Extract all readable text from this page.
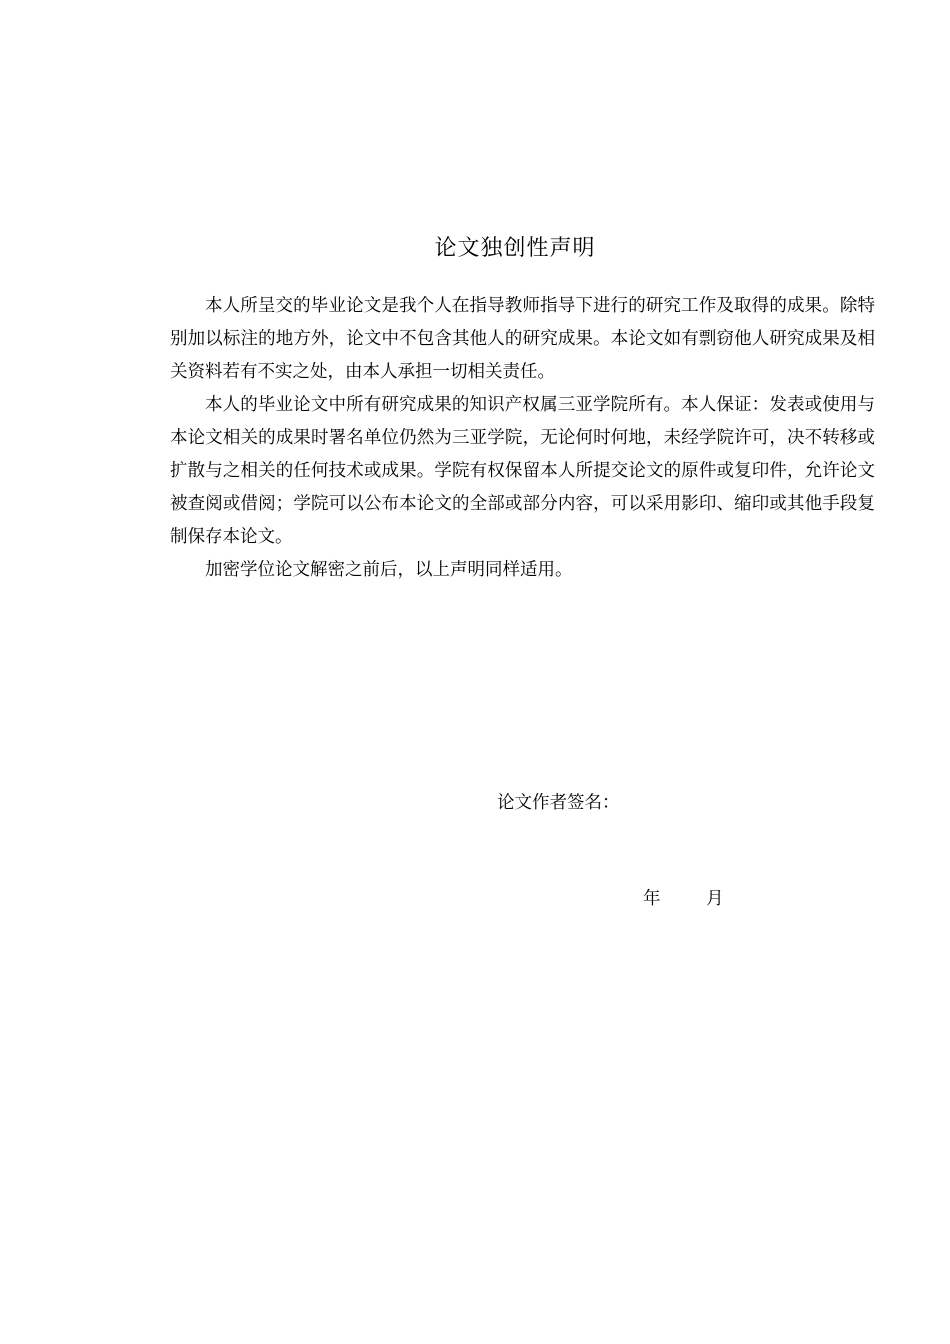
论文独创性声明

本人所呈交的毕业论文是我个人在指导教师指导下进行的研究工作及取得的成果。除特别加以标注的地方外，论文中不包含其他人的研究成果。本论文如有剽窃他人研究成果及相关资料若有不实之处，由本人承担一切相关责任。

本人的毕业论文中所有研究成果的知识产权属三亚学院所有。本人保证：发表或使用与本论文相关的成果时署名单位仍然为三亚学院，无论何时何地，未经学院许可，决不转移或扩散与之相关的任何技术或成果。学院有权保留本人所提交论文的原件或复印件，允许论文被查阅或借阅；学院可以公布本论文的全部或部分内容，可以采用影印、缩印或其他手段复制保存本论文。

加密学位论文解密之前后，以上声明同样适用。

论文作者签名：
年	月
